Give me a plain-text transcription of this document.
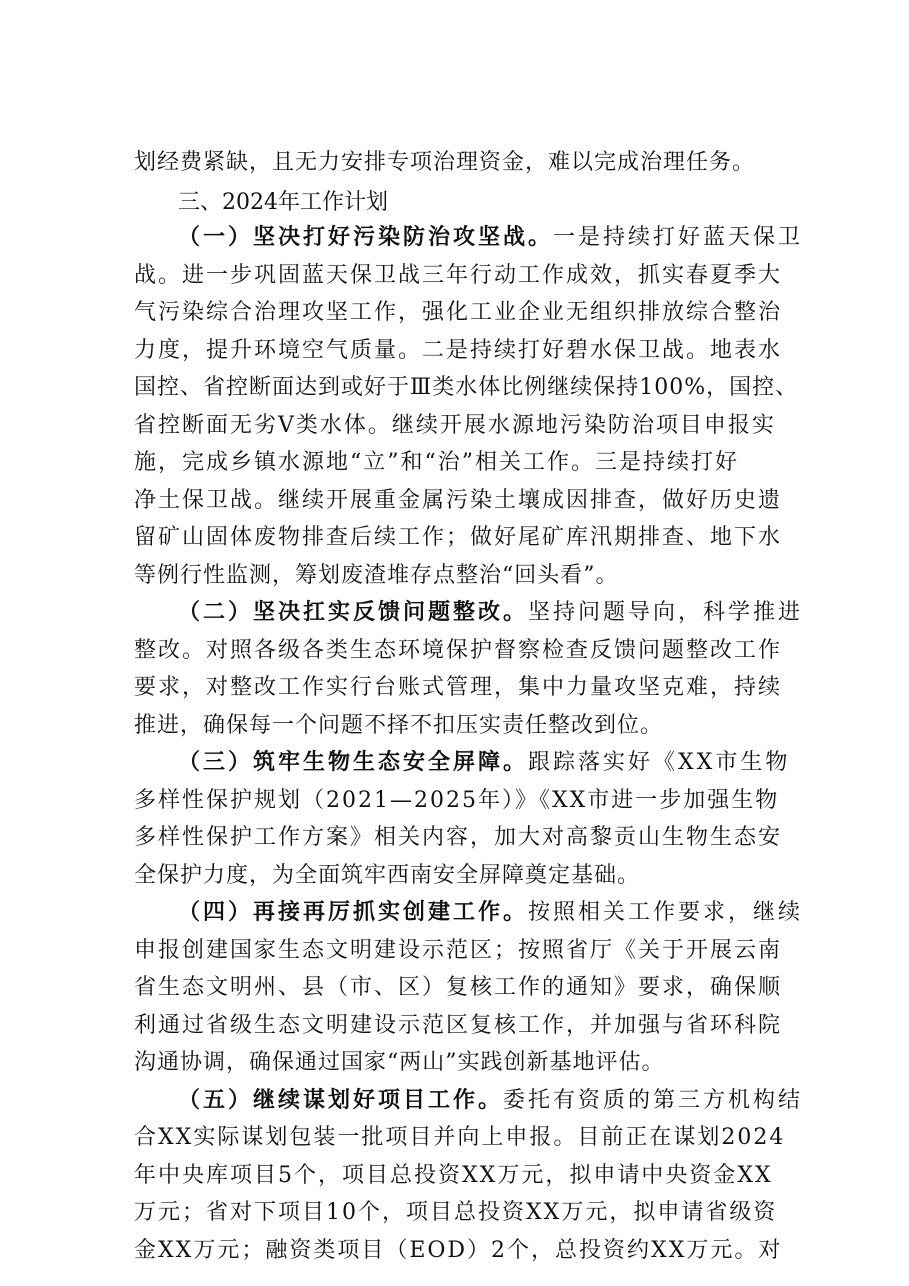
划经费紧缺，且无力安排专项治理资金，难以完成治理任务。

三、2024年工作计划

（一）坚决打好污染防治攻坚战。一是持续打好蓝天保卫

战。进一步巩固蓝天保卫战三年行动工作成效，抓实春夏季大

气污染综合治理攻坚工作，强化工业企业无组织排放综合整治

力度，提升环境空气质量。二是持续打好碧水保卫战。地表水

国控、省控断面达到或好于Ⅲ类水体比例继续保持100%，国控、

省控断面无劣Ⅴ类水体。继续开展水源地污染防治项目申报实

施，完成乡镇水源地“立”和“治”相关工作。三是持续打好

净土保卫战。继续开展重金属污染土壤成因排查，做好历史遗

留矿山固体废物排查后续工作；做好尾矿库汛期排查、地下水

等例行性监测，筹划废渣堆存点整治“回头看”。

（二）坚决扛实反馈问题整改。坚持问题导向，科学推进

整改。对照各级各类生态环境保护督察检查反馈问题整改工作

要求，对整改工作实行台账式管理，集中力量攻坚克难，持续

推进，确保每一个问题不择不扣压实责任整改到位。

（三）筑牢生物生态安全屏障。跟踪落实好《XX市生物

多样性保护规划（2021—2025年）》《XX市进一步加强生物

多样性保护工作方案》相关内容，加大对高黎贡山生物生态安

全保护力度，为全面筑牢西南安全屏障奠定基础。

（四）再接再厉抓实创建工作。按照相关工作要求，继续

申报创建国家生态文明建设示范区；按照省厅《关于开展云南

省生态文明州、县（市、区）复核工作的通知》要求，确保顺

利通过省级生态文明建设示范区复核工作，并加强与省环科院

沟通协调，确保通过国家“两山”实践创新基地评估。

（五）继续谋划好项目工作。委托有资质的第三方机构结

合XX实际谋划包装一批项目并向上申报。目前正在谋划2024

年中央库项目5个，项目总投资XX万元，拟申请中央资金XX

万元；省对下项目10个，项目总投资XX万元，拟申请省级资

金XX万元；融资类项目（EOD）2个，总投资约XX万元。对
